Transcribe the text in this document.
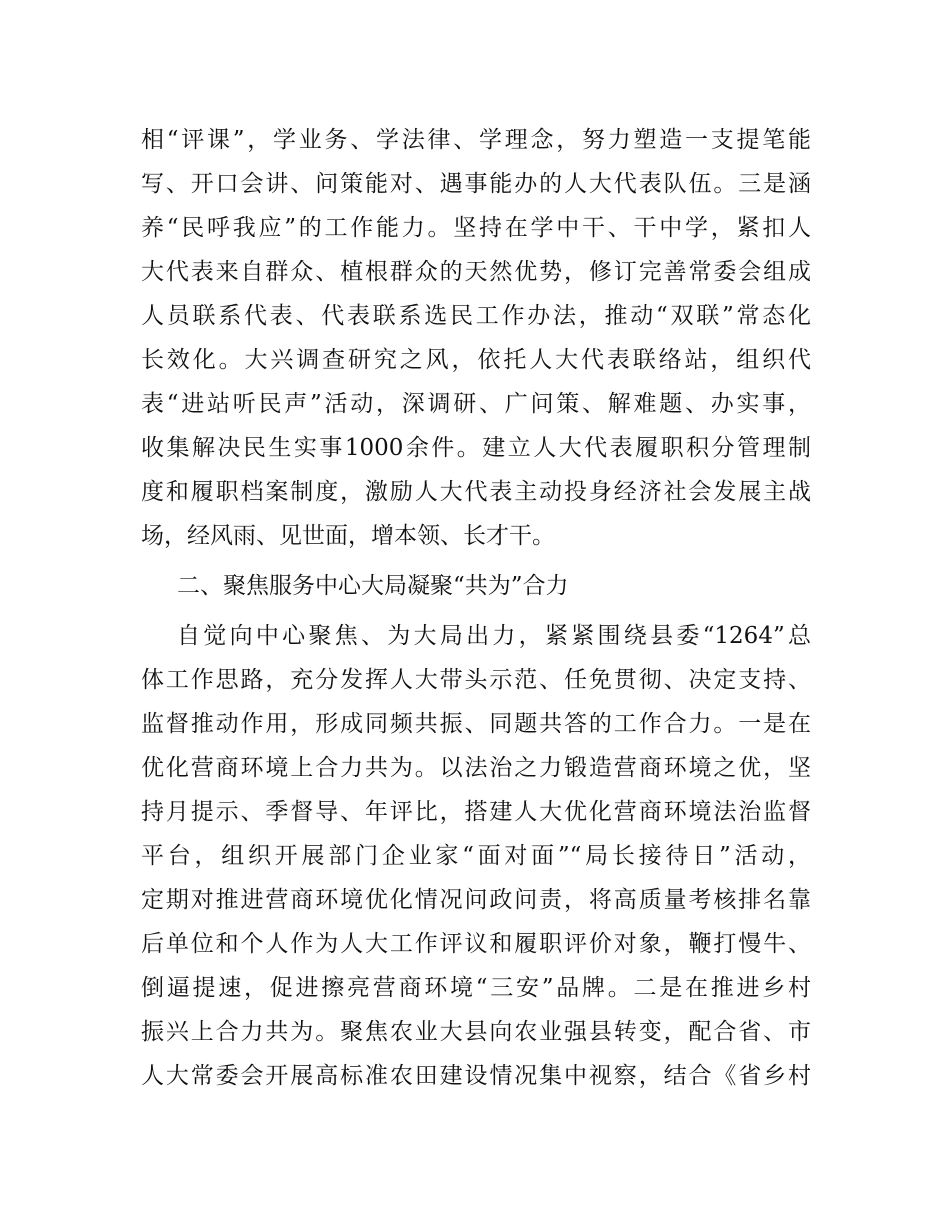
相“评课”，学业务、学法律、学理念，努力塑造一支提笔能
写、开口会讲、问策能对、遇事能办的人大代表队伍。三是涵
养“民呼我应”的工作能力。坚持在学中干、干中学，紧扣人
大代表来自群众、植根群众的天然优势，修订完善常委会组成
人员联系代表、代表联系选民工作办法，推动“双联”常态化
长效化。大兴调查研究之风，依托人大代表联络站，组织代
表“进站听民声”活动，深调研、广问策、解难题、办实事，
收集解决民生实事1000余件。建立人大代表履职积分管理制
度和履职档案制度，激励人大代表主动投身经济社会发展主战
场，经风雨、见世面，增本领、长才干。
二、聚焦服务中心大局凝聚“共为”合力
自觉向中心聚焦、为大局出力，紧紧围绕县委“1264”总
体工作思路，充分发挥人大带头示范、任免贯彻、决定支持、
监督推动作用，形成同频共振、同题共答的工作合力。一是在
优化营商环境上合力共为。以法治之力锻造营商环境之优，坚
持月提示、季督导、年评比，搭建人大优化营商环境法治监督
平台，组织开展部门企业家“面对面”“局长接待日”活动，
定期对推进营商环境优化情况问政问责，将高质量考核排名靠
后单位和个人作为人大工作评议和履职评价对象，鞭打慢牛、
倒逼提速，促进擦亮营商环境“三安”品牌。二是在推进乡村
振兴上合力共为。聚焦农业大县向农业强县转变，配合省、市
人大常委会开展高标准农田建设情况集中视察，结合《省乡村
